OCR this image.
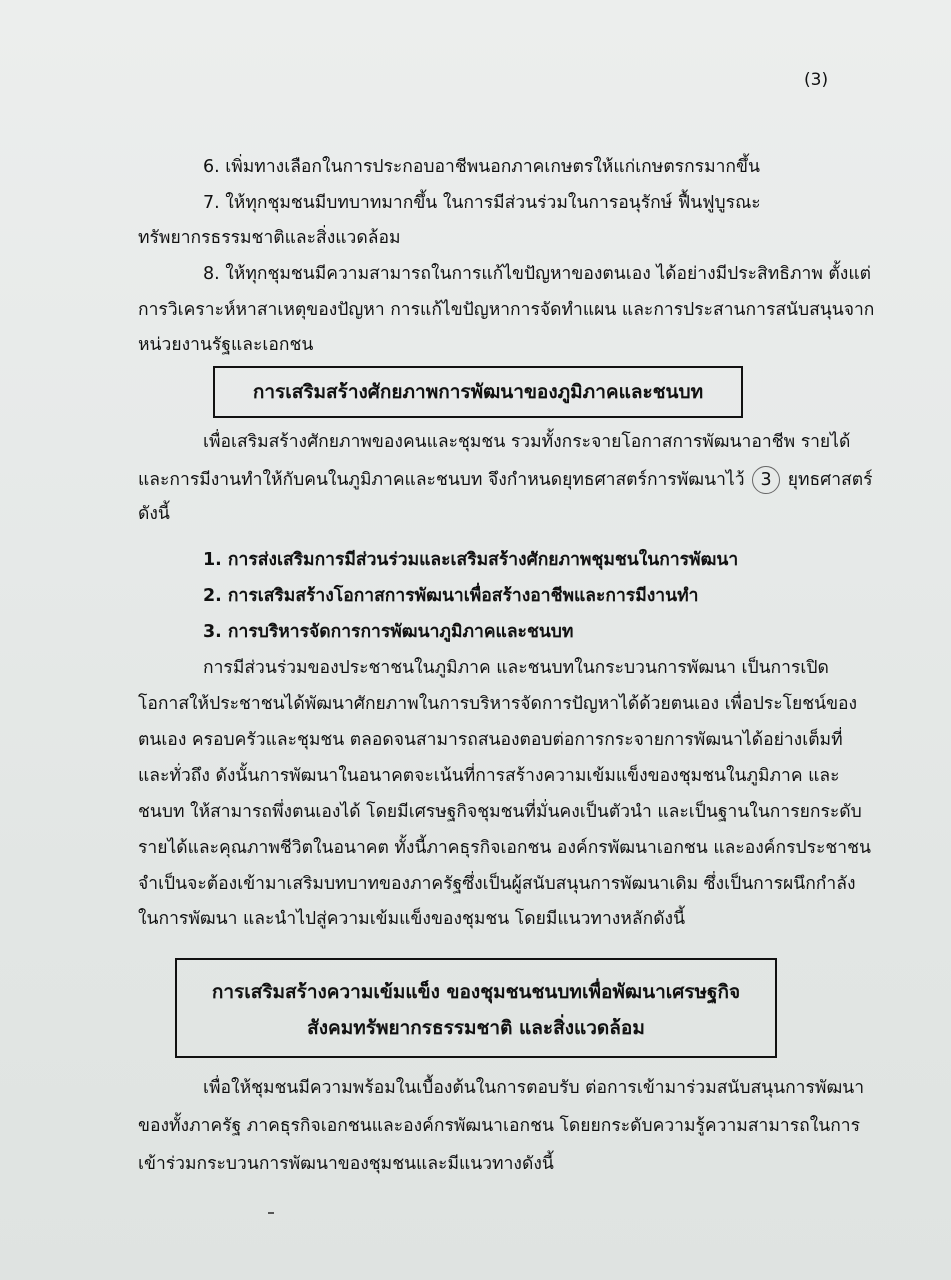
(3)
6. เพิ่มทางเลือกในการประกอบอาชีพนอกภาคเกษตรให้แก่เกษตรกรมากขึ้น
7. ให้ทุกชุมชนมีบทบาทมากขึ้น ในการมีส่วนร่วมในการอนุรักษ์ ฟื้นฟูบูรณะ
ทรัพยากรธรรมชาติและสิ่งแวดล้อม
8. ให้ทุกชุมชนมีความสามารถในการแก้ไขปัญหาของตนเอง ได้อย่างมีประสิทธิภาพ ตั้งแต่
การวิเคราะห์หาสาเหตุของปัญหา การแก้ไขปัญหาการจัดทำแผน และการประสานการสนับสนุนจาก
หน่วยงานรัฐและเอกชน
การเสริมสร้างศักยภาพการพัฒนาของภูมิภาคและชนบท
เพื่อเสริมสร้างศักยภาพของคนและชุมชน รวมทั้งกระจายโอกาสการพัฒนาอาชีพ รายได้
และการมีงานทำให้กับคนในภูมิภาคและชนบท จึงกำหนดยุทธศาสตร์การพัฒนาไว้ 3 ยุทธศาสตร์
ดังนี้
1. การส่งเสริมการมีส่วนร่วมและเสริมสร้างศักยภาพชุมชนในการพัฒนา
2. การเสริมสร้างโอกาสการพัฒนาเพื่อสร้างอาชีพและการมีงานทำ
3. การบริหารจัดการการพัฒนาภูมิภาคและชนบท
การมีส่วนร่วมของประชาชนในภูมิภาค และชนบทในกระบวนการพัฒนา เป็นการเปิด
โอกาสให้ประชาชนได้พัฒนาศักยภาพในการบริหารจัดการปัญหาได้ด้วยตนเอง เพื่อประโยชน์ของ
ตนเอง ครอบครัวและชุมชน ตลอดจนสามารถสนองตอบต่อการกระจายการพัฒนาได้อย่างเต็มที่
และทั่วถึง ดังนั้นการพัฒนาในอนาคตจะเน้นที่การสร้างความเข้มแข็งของชุมชนในภูมิภาค และ
ชนบท ให้สามารถพึ่งตนเองได้ โดยมีเศรษฐกิจชุมชนที่มั่นคงเป็นตัวนำ และเป็นฐานในการยกระดับ
รายได้และคุณภาพชีวิตในอนาคต ทั้งนี้ภาคธุรกิจเอกชน องค์กรพัฒนาเอกชน และองค์กรประชาชน
จำเป็นจะต้องเข้ามาเสริมบทบาทของภาครัฐซึ่งเป็นผู้สนับสนุนการพัฒนาเดิม ซึ่งเป็นการผนึกกำลัง
ในการพัฒนา และนำไปสู่ความเข้มแข็งของชุมชน โดยมีแนวทางหลักดังนี้
การเสริมสร้างความเข้มแข็ง ของชุมชนชนบทเพื่อพัฒนาเศรษฐกิจ
สังคมทรัพยากรธรรมชาติ และสิ่งแวดล้อม
เพื่อให้ชุมชนมีความพร้อมในเบื้องต้นในการตอบรับ ต่อการเข้ามาร่วมสนับสนุนการพัฒนา
ของทั้งภาครัฐ ภาคธุรกิจเอกชนและองค์กรพัฒนาเอกชน โดยยกระดับความรู้ความสามารถในการ
เข้าร่วมกระบวนการพัฒนาของชุมชนและมีแนวทางดังนี้
